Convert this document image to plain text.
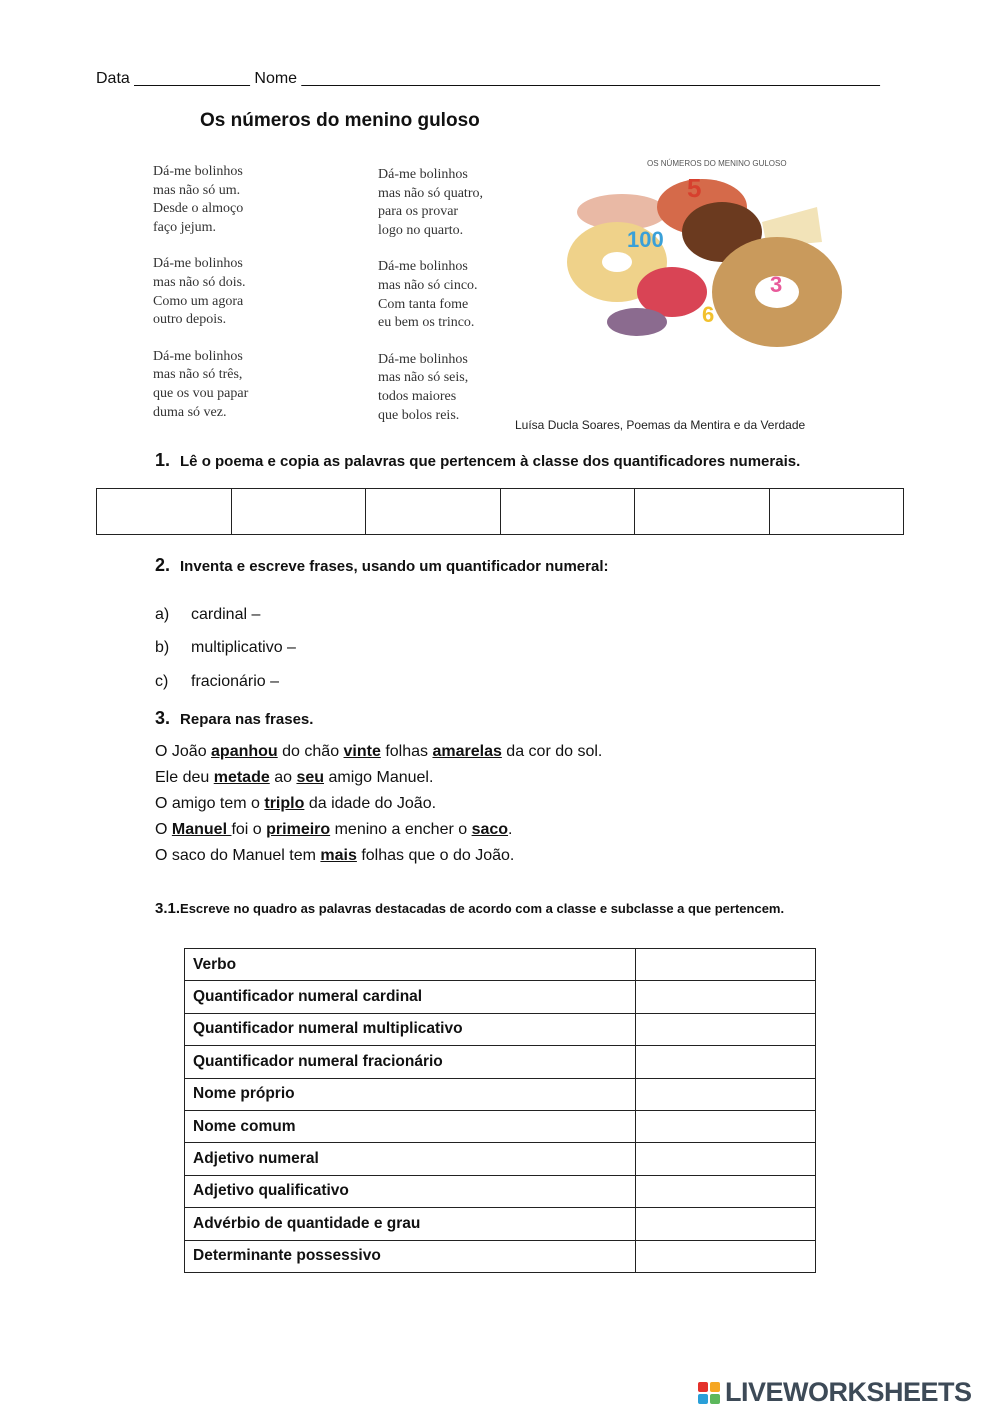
Data _____________ Nome _________________________________________________________________
Os números do menino guloso
Dá-me bolinhos
mas não só um.
Desde o almoço
faço jejum.
Dá-me bolinhos
mas não só dois.
Como um agora
outro depois.
Dá-me bolinhos
mas não só três,
que os vou papar
duma só vez.
Dá-me bolinhos
mas não só quatro,
para os provar
logo no quarto.
Dá-me bolinhos
mas não só cinco.
Com tanta fome
eu bem os trinco.
Dá-me bolinhos
mas não só seis,
todos maiores
que bolos reis.
OS NÚMEROS DO MENINO GULOSO
5
100
3
6
Luísa Ducla Soares, Poemas da Mentira e da Verdade
1. Lê o poema e copia as palavras que pertencem à classe dos quantificadores numerais.

2. Inventa e escreve frases, usando um quantificador numeral:
a) cardinal –
b) multiplicativo –
c) fracionário –
3. Repara nas frases.
O João apanhou do chão vinte folhas amarelas da cor do sol.
Ele deu metade ao seu amigo Manuel.
O amigo tem o triplo da idade do João.
O Manuel foi o primeiro menino a encher o saco.
O saco do Manuel tem mais folhas que o do João.
3.1.Escreve no quadro as palavras destacadas de acordo com a classe e subclasse a que pertencem.
Verbo	
Quantificador numeral cardinal	
Quantificador numeral multiplicativo	
Quantificador numeral fracionário	
Nome próprio	
Nome comum	
Adjetivo numeral	
Adjetivo qualificativo	
Advérbio de quantidade e grau	
Determinante possessivo	
LIVEWORKSHEETS
